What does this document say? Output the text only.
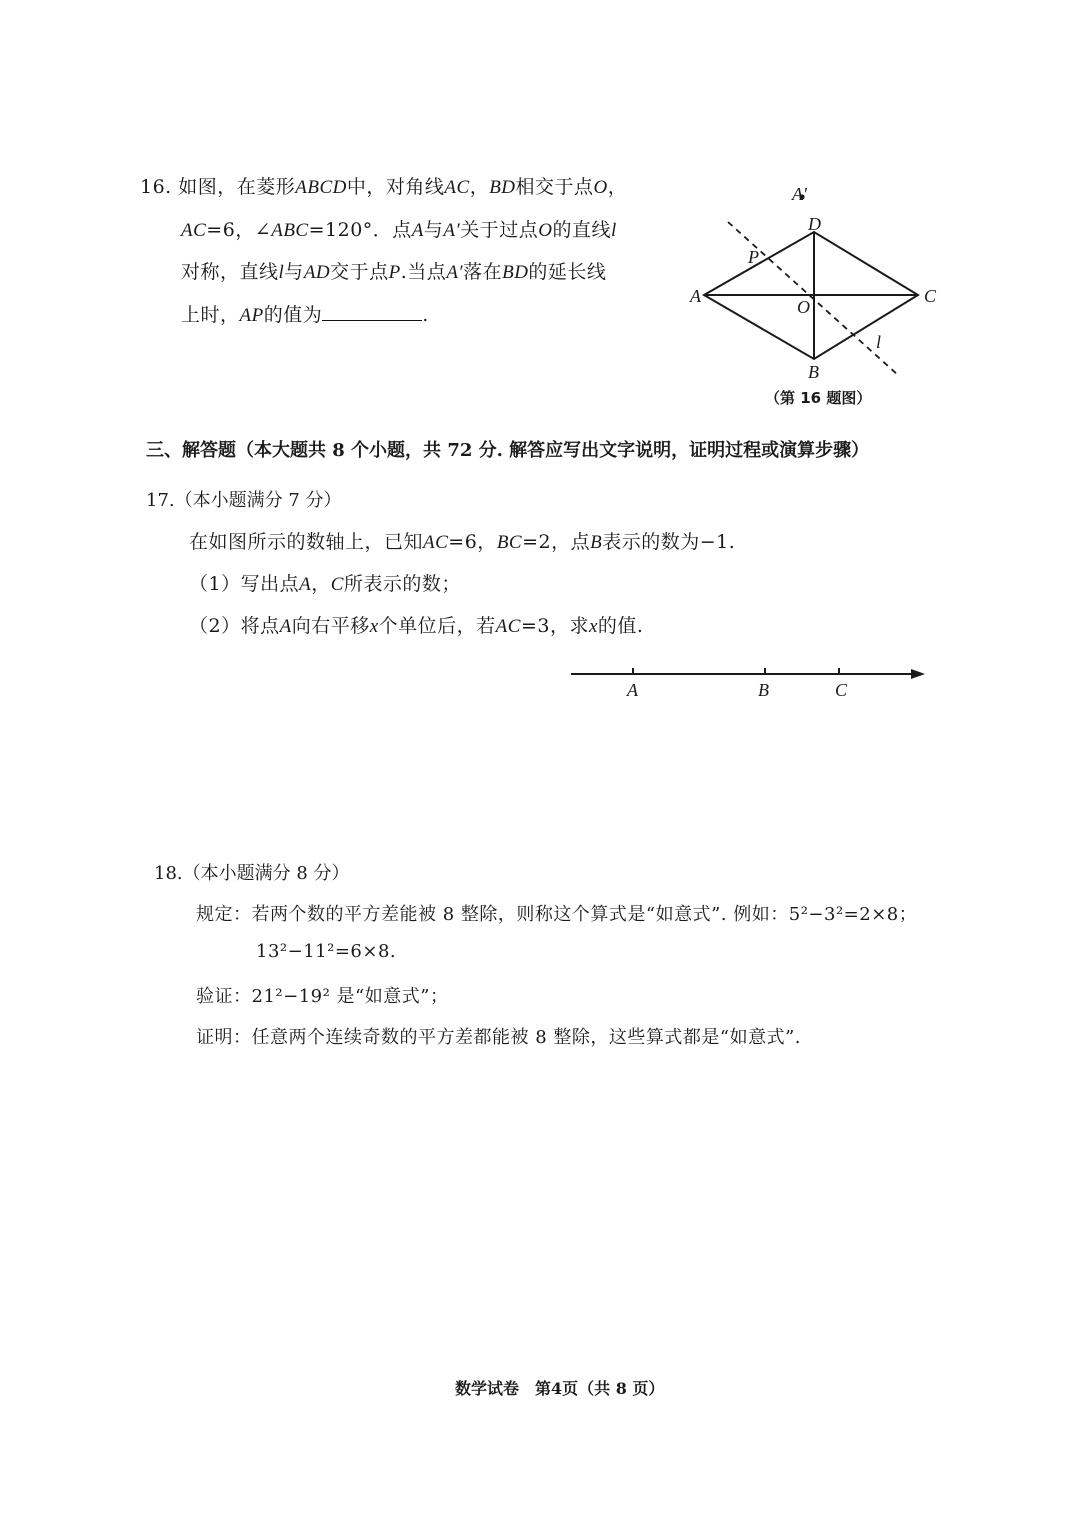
16. 如图，在菱形ABCD中，对角线AC，BD相交于点O，
AC=6，∠ABC=120°．点A与A′关于过点O的直线l
对称，直线l与AD交于点P.当点A′落在BD的延长线
上时，AP的值为	.
A′
D
P
A
O
C
l
B
（第 16 题图）
三、解答题（本大题共 8 个小题，共 72 分. 解答应写出文字说明，证明过程或演算步骤）
17.（本小题满分 7 分）
在如图所示的数轴上，已知AC=6，BC=2，点B表示的数为−1.
（1）写出点A，C所表示的数；
（2）将点A向右平移x个单位后，若AC=3，求x的值.
A	B	C
18.（本小题满分 8 分）
规定：若两个数的平方差能被 8 整除，则称这个算式是“如意式”. 例如：5²−3²=2×8；
13²−11²=6×8.
验证：21²−19² 是“如意式”；
证明：任意两个连续奇数的平方差都能被 8 整除，这些算式都是“如意式”.
数学试卷　第4页（共 8 页）
